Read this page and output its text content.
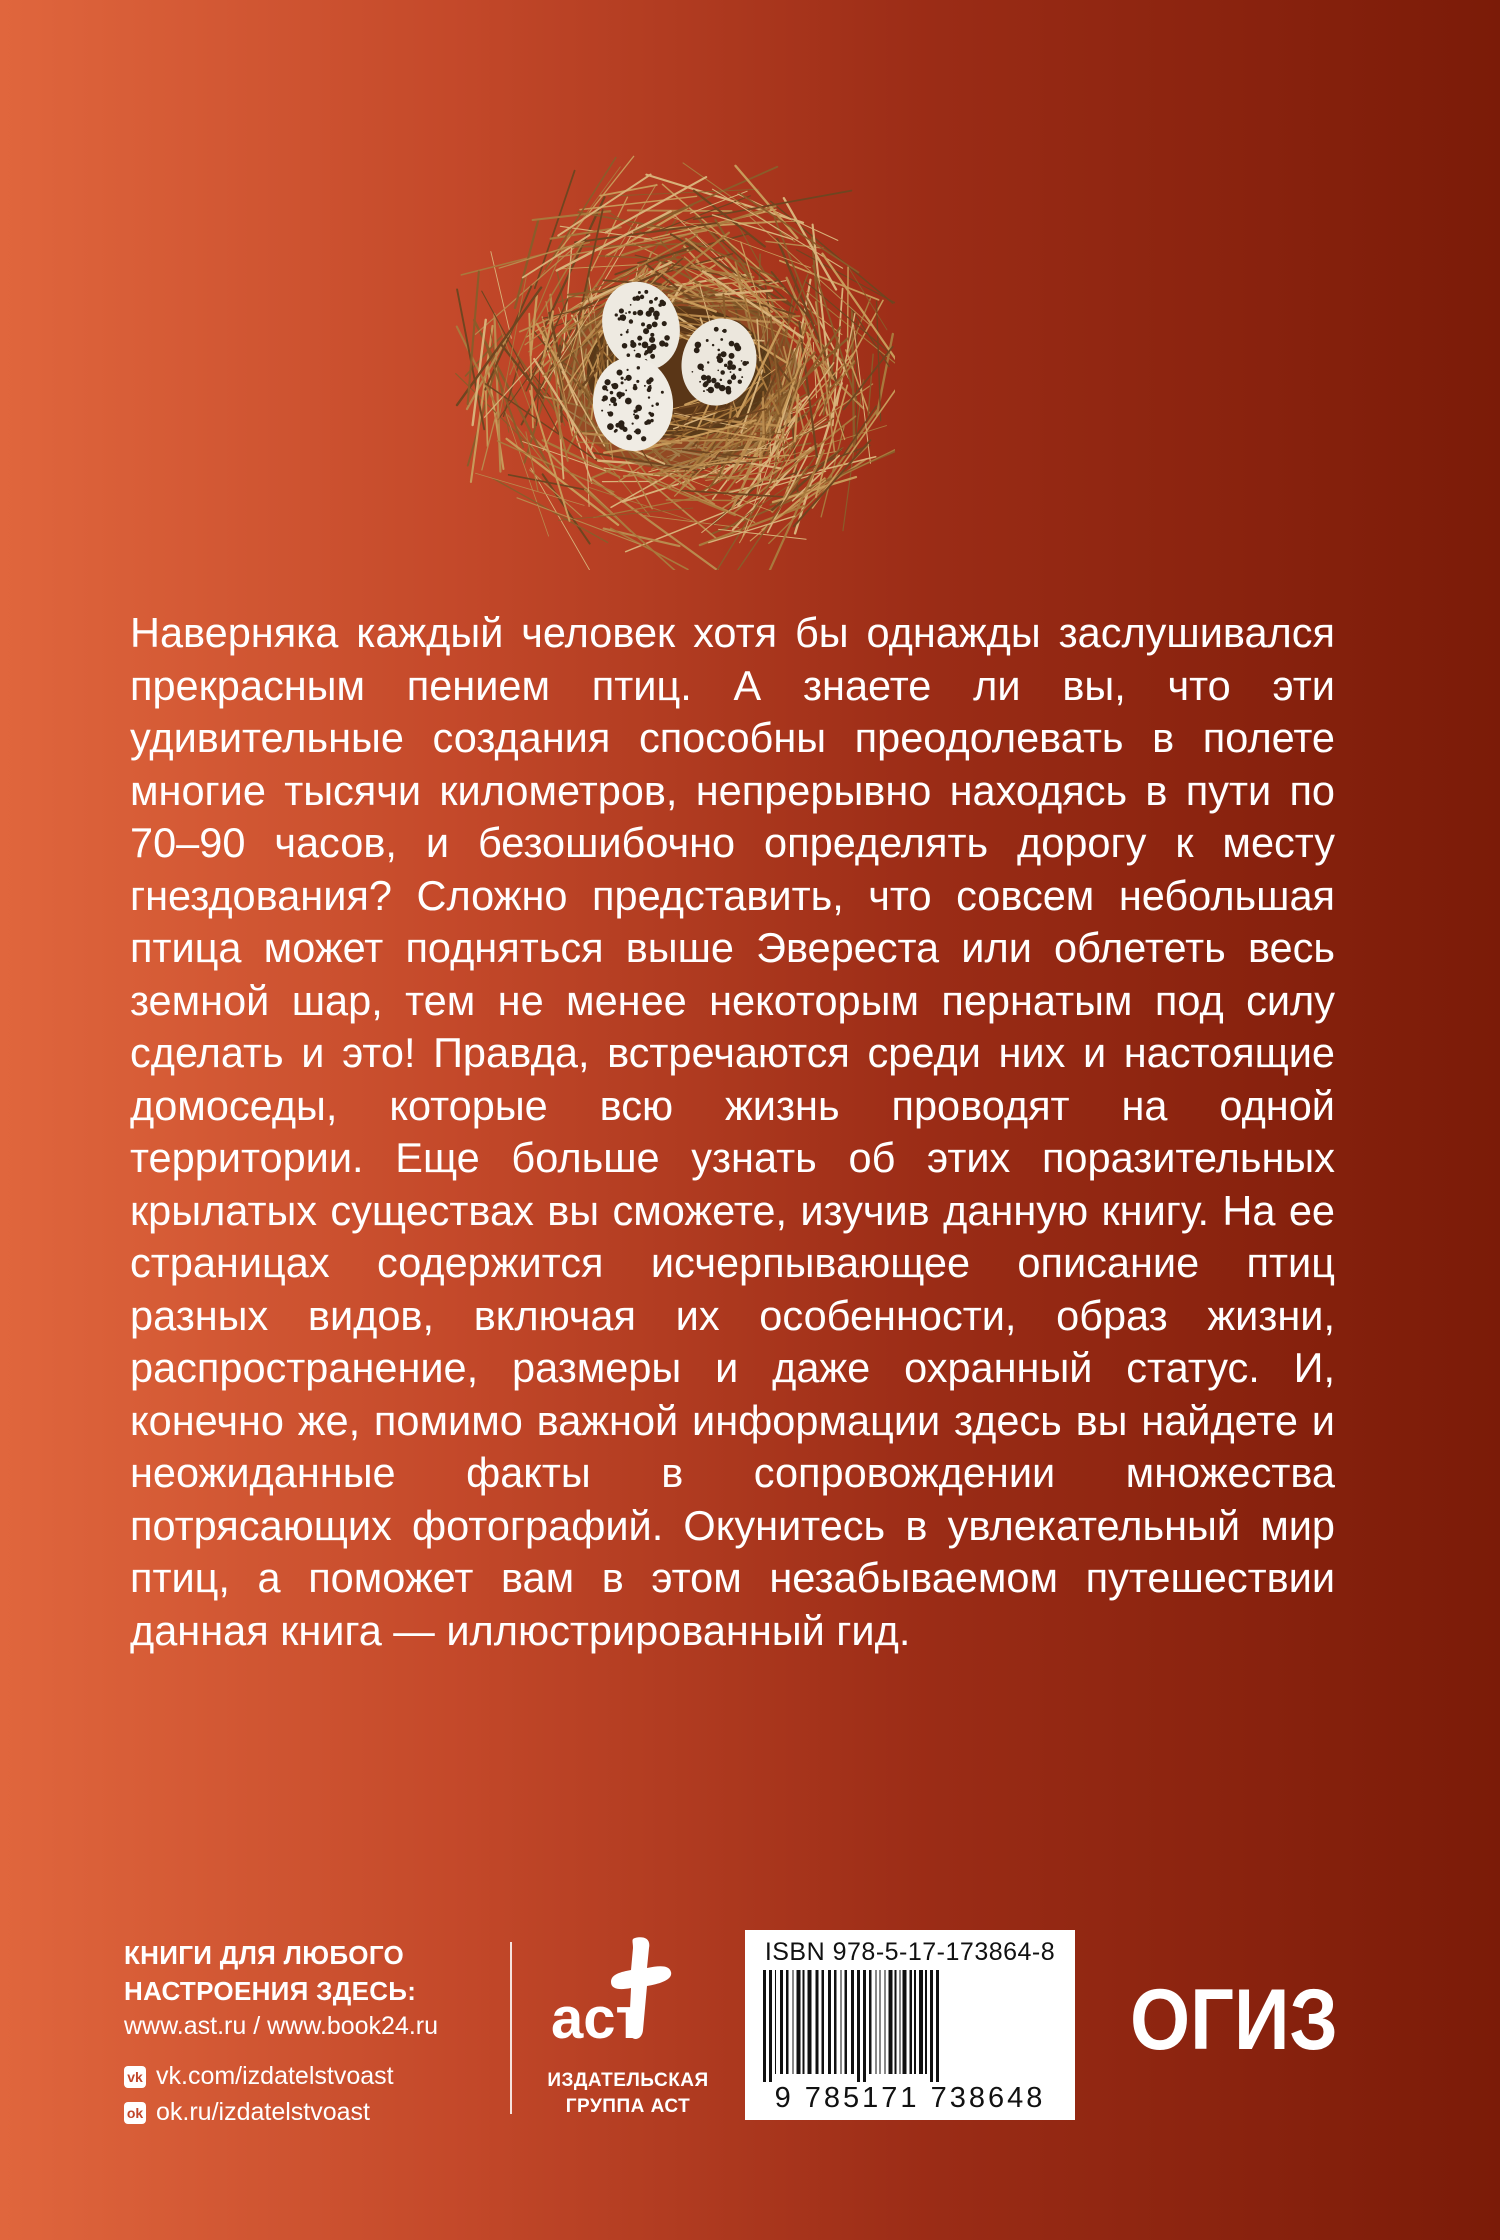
Наверняка каждый человек хотя бы однажды заслушивался прекрасным пением птиц. А знаете ли вы, что эти удивительные создания способны преодолевать в полете многие тысячи километров, непрерывно находясь в пути по 70–90 часов, и безошибочно определять дорогу к месту гнездования? Сложно представить, что совсем небольшая птица может подняться выше Эвереста или облететь весь земной шар, тем не менее некоторым пернатым под силу сделать и это! Правда, встречаются среди них и настоящие домоседы, которые всю жизнь проводят на одной территории. Еще больше узнать об этих поразительных крылатых существах вы сможете, изучив данную книгу. На ее страницах содержится исчерпывающее описание птиц разных видов, включая их особенности, образ жизни, распространение, размеры и даже охранный статус. И, конечно же, помимо важной информации здесь вы найдете и неожиданные факты в сопровождении множества потрясающих фотографий. Окунитесь в увлекательный мир птиц, а поможет вам в этом незабываемом путешествии данная книга — иллюстрированный гид.

КНИГИ ДЛЯ ЛЮБОГО НАСТРОЕНИЯ ЗДЕСЬ:
www.ast.ru / www.book24.ru
vk vk.com/izdatelstvoast
ok ok.ru/izdatelstvoast
аст
ИЗДАТЕЛЬСКАЯ ГРУППА АСТ
ISBN 978-5-17-173864-8
9 785171 738648
ОГИЗ
